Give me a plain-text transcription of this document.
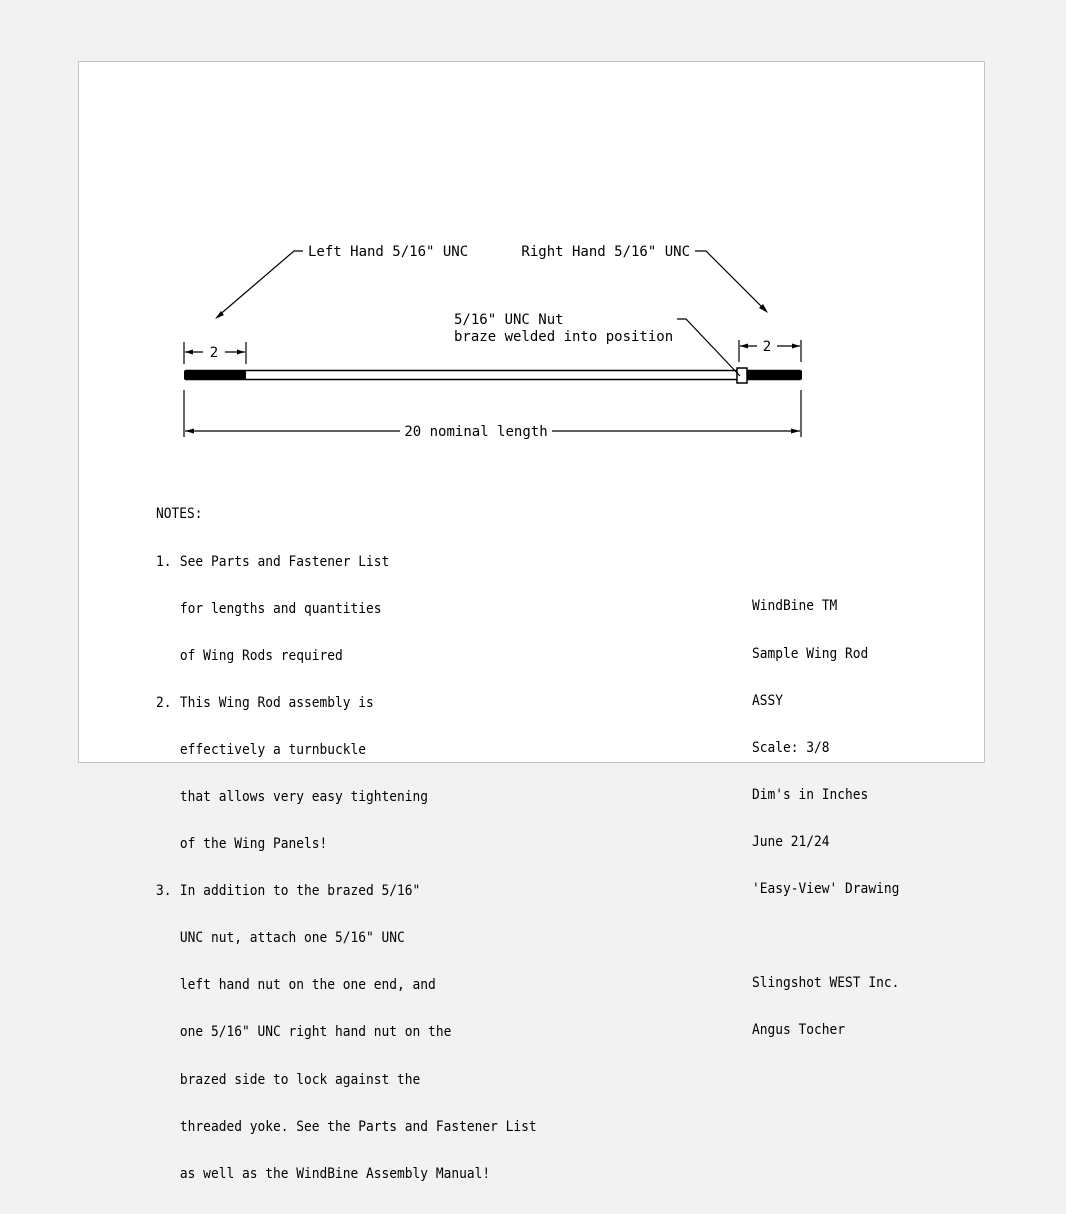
2	2
20 nominal length
Left Hand 5/16" UNC	Right Hand 5/16" UNC
5/16" UNC Nut
braze welded into position

NOTES:

1. See Parts and Fastener List

for lengths and quantities

of Wing Rods required

2. This Wing Rod assembly is

effectively a turnbuckle

that allows very easy tightening

of the Wing Panels!

3. In addition to the brazed 5/16"

UNC nut, attach one 5/16" UNC

left hand nut on the one end, and

one 5/16" UNC right hand nut on the

brazed side to lock against the

threaded yoke. See the Parts and Fastener List

as well as the WindBine Assembly Manual!

WindBine TM

Sample Wing Rod

ASSY

Scale: 3/8

Dim's in Inches

June 21/24

'Easy-View' Drawing

Slingshot WEST Inc.

Angus Tocher
